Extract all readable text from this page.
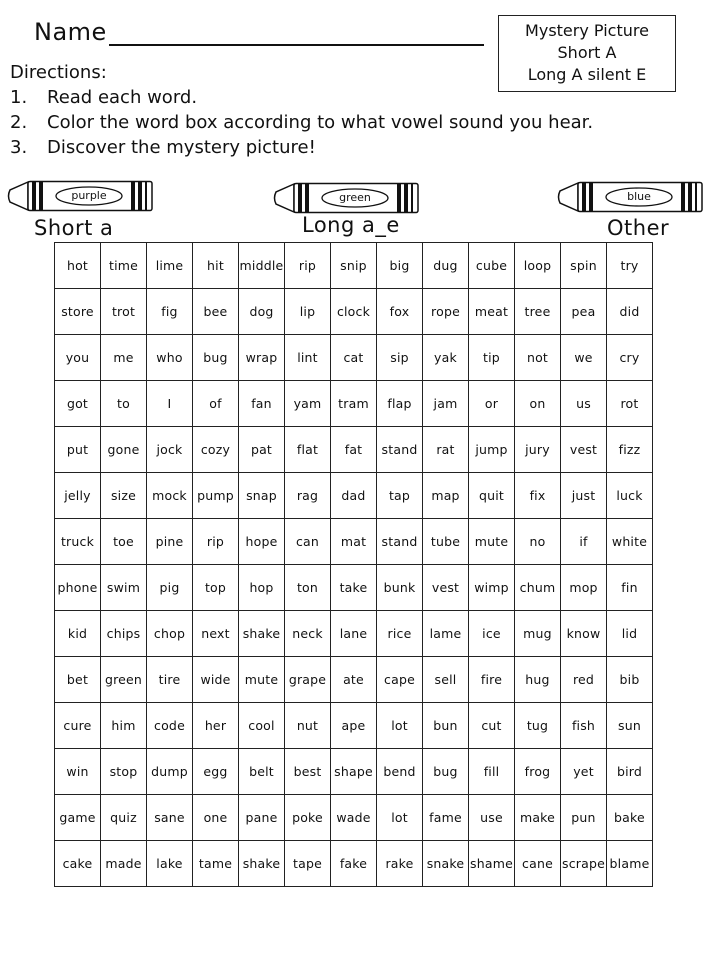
Name	Mystery Picture
Short A
Long A silent E
Directions:
1.	Read each word.
2.	Color the word box according to what vowel sound you hear.
3.	Discover the mystery picture!
purple	green	blue
Short a	Long a_e	Other
hot	time	lime	hit	middle	rip	snip	big	dug	cube	loop	spin	try
store	trot	fig	bee	dog	lip	clock	fox	rope	meat	tree	pea	did
you	me	who	bug	wrap	lint	cat	sip	yak	tip	not	we	cry
got	to	I	of	fan	yam	tram	flap	jam	or	on	us	rot
put	gone	jock	cozy	pat	flat	fat	stand	rat	jump	jury	vest	fizz
jelly	size	mock	pump	snap	rag	dad	tap	map	quit	fix	just	luck
truck	toe	pine	rip	hope	can	mat	stand	tube	mute	no	if	white
phone	swim	pig	top	hop	ton	take	bunk	vest	wimp	chum	mop	fin
kid	chips	chop	next	shake	neck	lane	rice	lame	ice	mug	know	lid
bet	green	tire	wide	mute	grape	ate	cape	sell	fire	hug	red	bib
cure	him	code	her	cool	nut	ape	lot	bun	cut	tug	fish	sun
win	stop	dump	egg	belt	best	shape	bend	bug	fill	frog	yet	bird
game	quiz	sane	one	pane	poke	wade	lot	fame	use	make	pun	bake
cake	made	lake	tame	shake	tape	fake	rake	snake	shame	cane	scrape	blame
